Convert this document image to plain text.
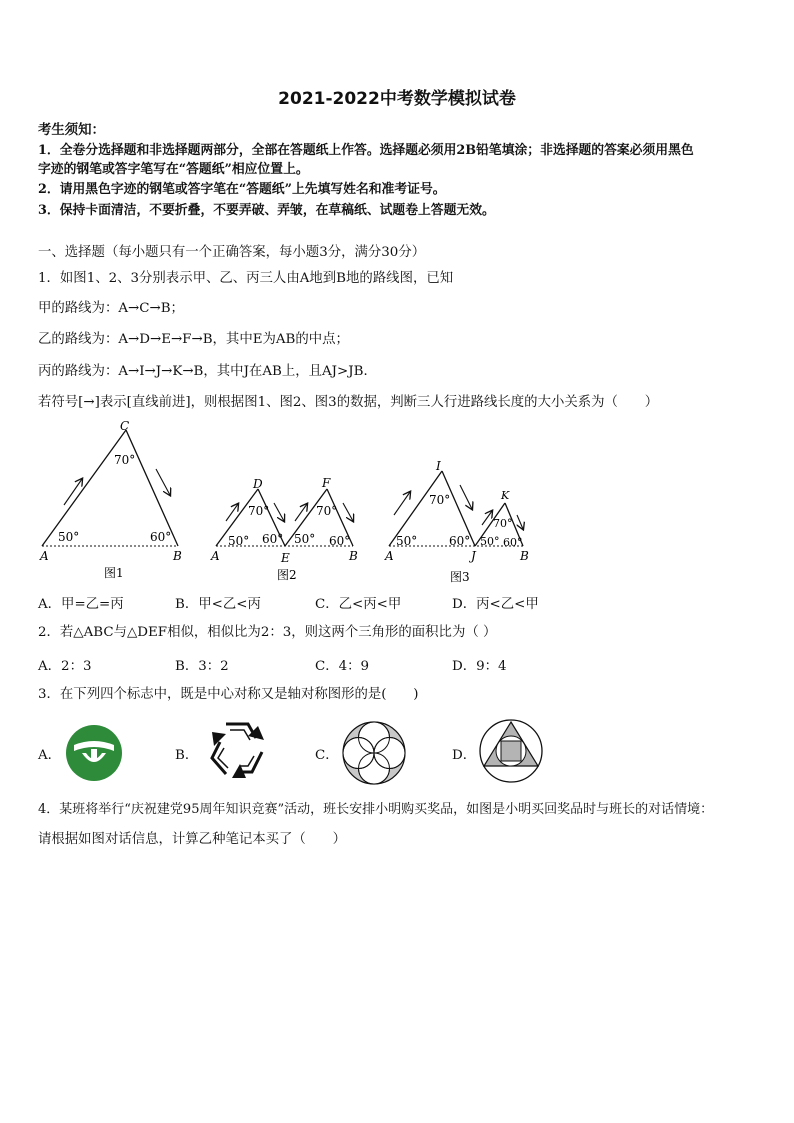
2021-2022中考数学模拟试卷
考生须知：
1．全卷分选择题和非选择题两部分，全部在答题纸上作答。选择题必须用2B铅笔填涂；非选择题的答案必须用黑色
字迹的钢笔或答字笔写在“答题纸”相应位置上。
2．请用黑色字迹的钢笔或答字笔在“答题纸”上先填写姓名和准考证号。
3．保持卡面清洁，不要折叠，不要弄破、弄皱，在草稿纸、试题卷上答题无效。
一、选择题（每小题只有一个正确答案，每小题3分，满分30分）
1．如图1、2、3分别表示甲、乙、丙三人由A地到B地的路线图，已知
甲的路线为：A→C→B；
乙的路线为：A→D→E→F→B，其中E为AB的中点；
丙的路线为：A→I→J→K→B，其中J在AB上，且AJ>JB．
若符号[→]表示[直线前进]，则根据图1、图2、图3的数据，判断三人行进路线长度的大小关系为（　　）
C
70°
50°	60°
A	B
图1
D	F
70°	70°
50° 60° 50° 60°
A	E	B
图2
I
K
70°
70°
50°	60° 50° 60°
A	J	B
图3
A．甲=乙=丙	B．甲<乙<丙	C．乙<丙<甲	D．丙<乙<甲
2．若△ABC与△DEF相似，相似比为2：3，则这两个三角形的面积比为（ ）
A．2：3	B．3：2	C．4：9	D．9：4
3．在下列四个标志中，既是中心对称又是轴对称图形的是(　　)
A．	B．	C．	D．
4．某班将举行“庆祝建党95周年知识竞赛”活动，班长安排小明购买奖品，如图是小明买回奖品时与班长的对话情境：
请根据如图对话信息，计算乙种笔记本买了（　　）
